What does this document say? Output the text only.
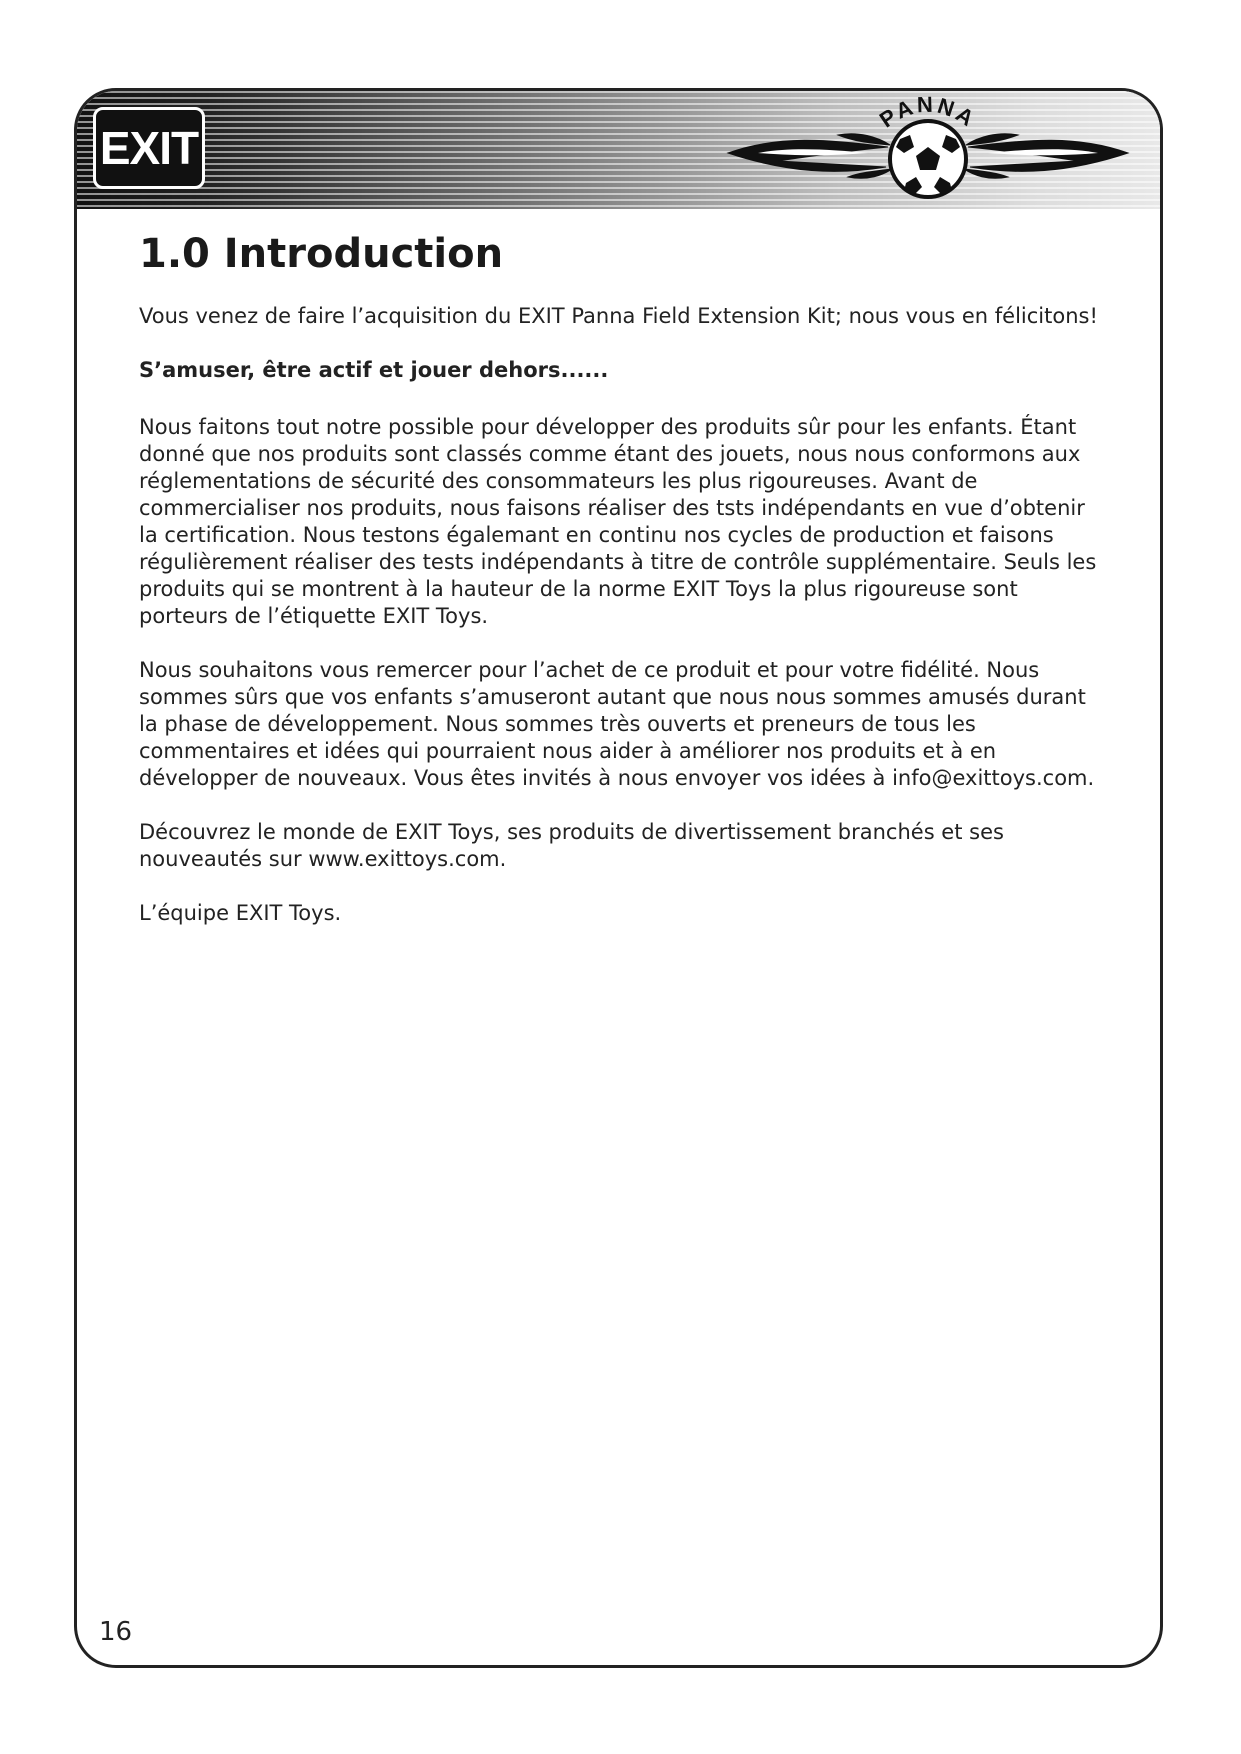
EXIT
PANNA
1.0 Introduction

Vous venez de faire l’acquisition du EXIT Panna Field Extension Kit; nous vous en félicitons!

S’amuser, être actif et jouer dehors......

Nous faitons tout notre possible pour développer des produits sûr pour les enfants. Étant donné que nos produits sont classés comme étant des jouets, nous nous conformons aux réglementations de sécurité des consommateurs les plus rigoureuses. Avant de commercialiser nos produits, nous faisons réaliser des tsts indépendants en vue d’obtenir la certification. Nous testons égalemant en continu nos cycles de production et faisons régulièrement réaliser des tests indépendants à titre de contrôle supplémentaire. Seuls les produits qui se montrent à la hauteur de la norme EXIT Toys la plus rigoureuse sont porteurs de l’étiquette EXIT Toys.

Nous souhaitons vous remercer pour l’achet de ce produit et pour votre fidélité. Nous sommes sûrs que vos enfants s’amuseront autant que nous nous sommes amusés durant la phase de développement. Nous sommes très ouverts et preneurs de tous les commentaires et idées qui pourraient nous aider à améliorer nos produits et à en développer de nouveaux. Vous êtes invités à nous envoyer vos idées à info@exittoys.com.

Découvrez le monde de EXIT Toys, ses produits de divertissement branchés et ses nouveautés sur www.exittoys.com.

L’équipe EXIT Toys.

16
